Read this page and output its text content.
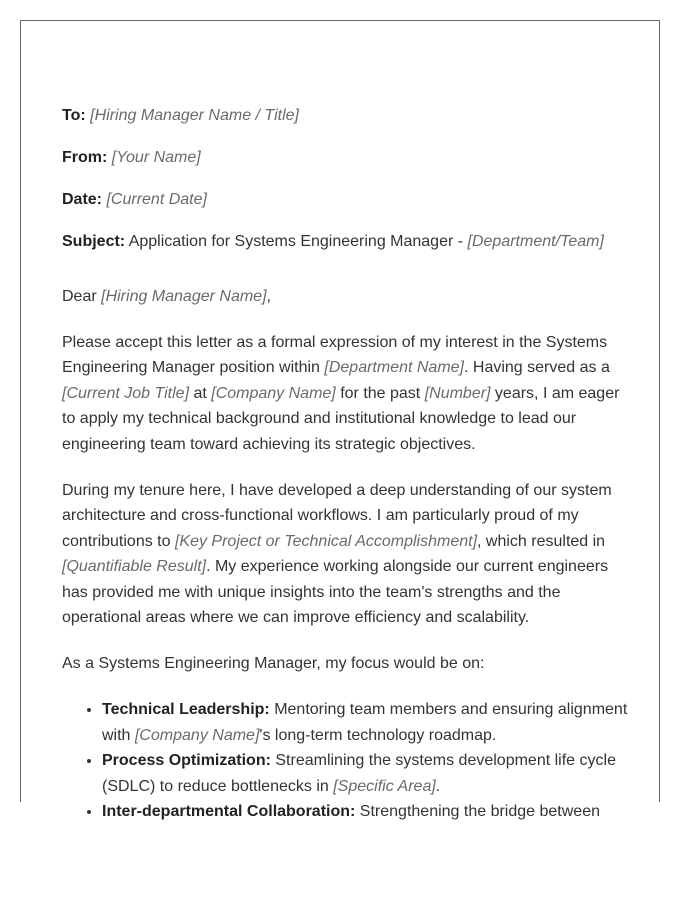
To: [Hiring Manager Name / Title]
From: [Your Name]
Date: [Current Date]
Subject: Application for Systems Engineering Manager - [Department/Team]

Dear [Hiring Manager Name],

Please accept this letter as a formal expression of my interest in the Systems Engineering Manager position within [Department Name]. Having served as a [Current Job Title] at [Company Name] for the past [Number] years, I am eager to apply my technical background and institutional knowledge to lead our engineering team toward achieving its strategic objectives.

During my tenure here, I have developed a deep understanding of our system architecture and cross-functional workflows. I am particularly proud of my contributions to [Key Project or Technical Accomplishment], which resulted in [Quantifiable Result]. My experience working alongside our current engineers has provided me with unique insights into the team's strengths and the operational areas where we can improve efficiency and scalability.

As a Systems Engineering Manager, my focus would be on:

• Technical Leadership: Mentoring team members and ensuring alignment with [Company Name]'s long-term technology roadmap.
• Process Optimization: Streamlining the systems development life cycle (SDLC) to reduce bottlenecks in [Specific Area].
• Inter-departmental Collaboration: Strengthening the bridge between
